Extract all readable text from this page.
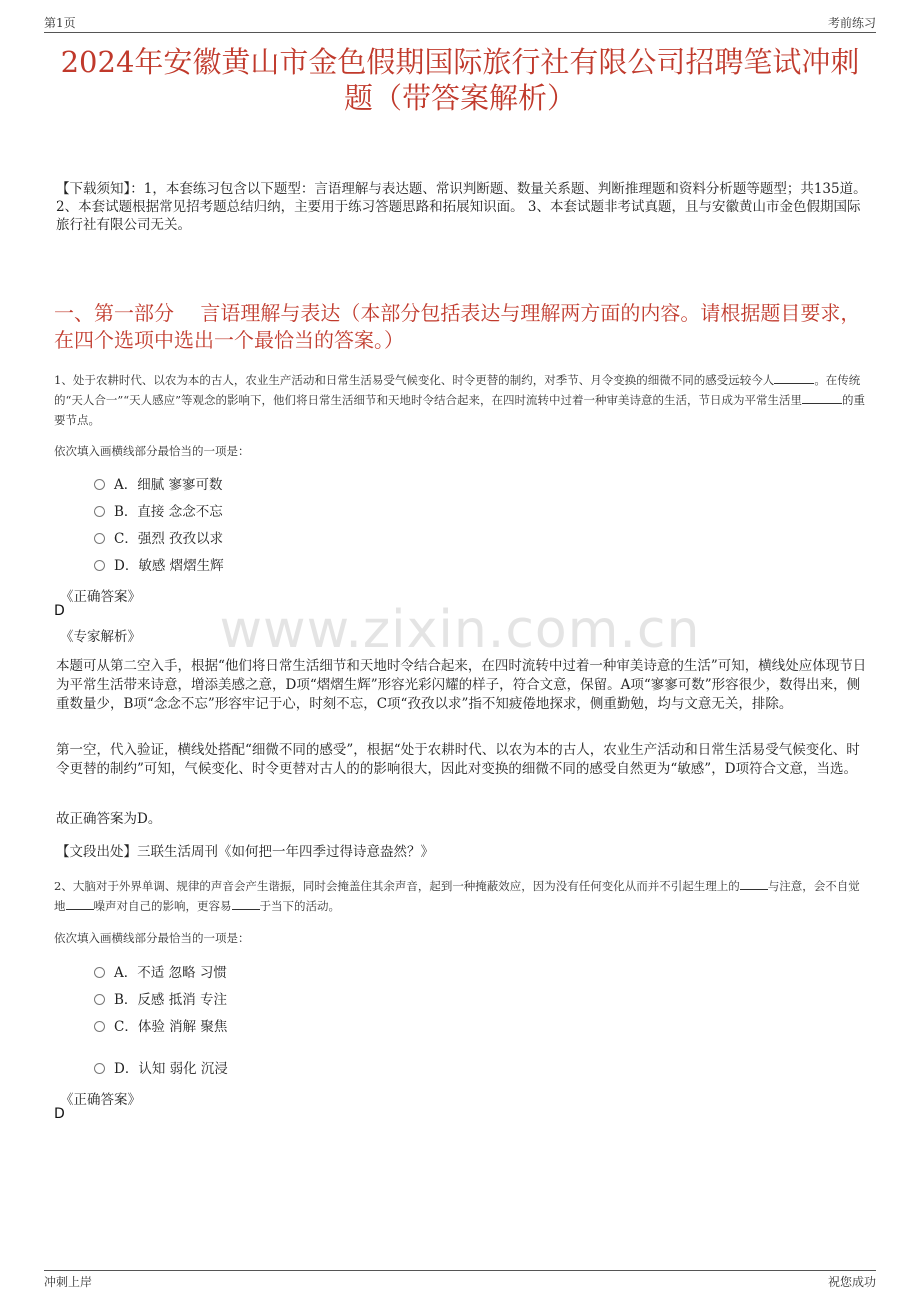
第1页	考前练习
2024年安徽黄山市金色假期国际旅行社有限公司招聘笔试冲刺题（带答案解析）
【下载须知】：1，本套练习包含以下题型：言语理解与表达题、常识判断题、数量关系题、判断推理题和资料分析题等题型；共135道。 2、本套试题根据常见招考题总结归纳，主要用于练习答题思路和拓展知识面。 3、本套试题非考试真题，且与安徽黄山市金色假期国际旅行社有限公司无关。
一、第一部分　 言语理解与表达（本部分包括表达与理解两方面的内容。请根据题目要求，在四个选项中选出一个最恰当的答案。）
1、处于农耕时代、以农为本的古人，农业生产活动和日常生活易受气候变化、时令更替的制约，对季节、月令变换的细微不同的感受远较今人	。在传统的“天人合一”“天人感应”等观念的影响下，他们将日常生活细节和天地时令结合起来，在四时流转中过着一种审美诗意的生活，节日成为平常生活里	的重要节点。
依次填入画横线部分最恰当的一项是：
A．细腻 寥寥可数
B．直接 念念不忘
C．强烈 孜孜以求
D．敏感 熠熠生辉
《正确答案》
D
《专家解析》	www.zixin.com.cn
本题可从第二空入手，根据“他们将日常生活细节和天地时令结合起来，在四时流转中过着一种审美诗意的生活”可知，横线处应体现节日为平常生活带来诗意，增添美感之意，D项“熠熠生辉”形容光彩闪耀的样子，符合文意，保留。A项“寥寥可数”形容很少，数得出来，侧重数量少，B项“念念不忘”形容牢记于心，时刻不忘，C项“孜孜以求”指不知疲倦地探求，侧重勤勉，均与文意无关，排除。
第一空，代入验证，横线处搭配“细微不同的感受”，根据“处于农耕时代、以农为本的古人，农业生产活动和日常生活易受气候变化、时令更替的制约”可知，气候变化、时令更替对古人的的影响很大，因此对变换的细微不同的感受自然更为“敏感”，D项符合文意，当选。
故正确答案为D。
【文段出处】三联生活周刊《如何把一年四季过得诗意盎然？》
2、大脑对于外界单调、规律的声音会产生谐振，同时会掩盖住其余声音，起到一种掩蔽效应，因为没有任何变化从而并不引起生理上的 与注意，会不自觉地 噪声对自己的影响，更容易 于当下的活动。
依次填入画横线部分最恰当的一项是：
A．不适 忽略 习惯
B．反感 抵消 专注
C．体验 消解 聚焦
D．认知 弱化 沉浸
《正确答案》
D
冲刺上岸	祝您成功
